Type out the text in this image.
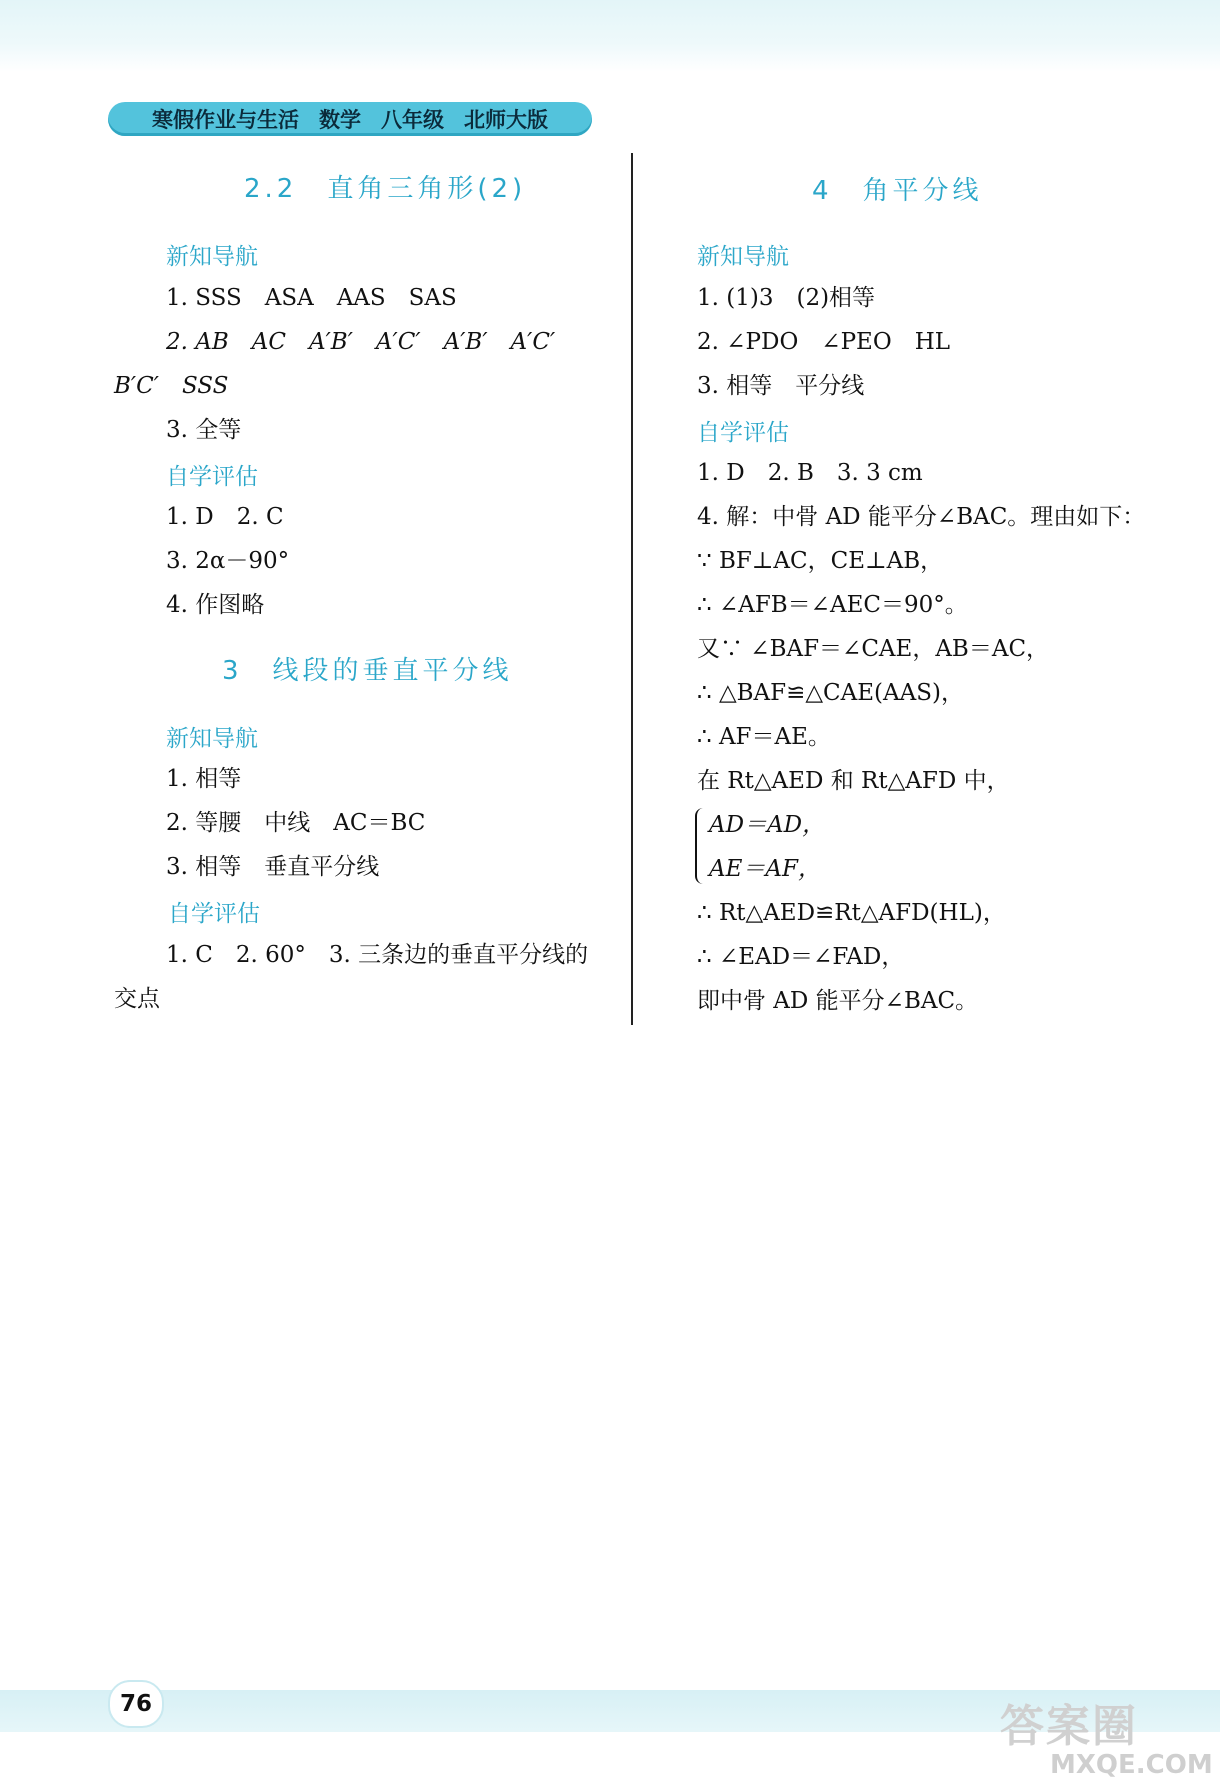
寒假作业与生活 数学 八年级 北师大版
2.2　直角三角形(2)
新知导航
1. SSS　ASA　AAS　SAS
2. AB　AC　A′B′　A′C′　A′B′　A′C′
B′C′　SSS
3. 全等
自学评估
1. D　2. C
3. 2α－90°
4. 作图略
3　线段的垂直平分线
新知导航
1. 相等
2. 等腰　中线　AC＝BC
3. 相等　垂直平分线
自学评估
1. C　2. 60°　3. 三条边的垂直平分线的
交点
4　角平分线
新知导航
1. (1)3　(2)相等
2. ∠PDO　∠PEO　HL
3. 相等　平分线
自学评估
1. D　2. B　3. 3 cm
4. 解：中骨 AD 能平分∠BAC。理由如下：
∵ BF⊥AC，CE⊥AB，
∴ ∠AFB＝∠AEC＝90°。
又∵ ∠BAF＝∠CAE，AB＝AC，
∴ △BAF≌△CAE(AAS)，
∴ AF＝AE。
在 Rt△AED 和 Rt△AFD 中，
AD＝AD，
AE＝AF，
∴ Rt△AED≌Rt△AFD(HL)，
∴ ∠EAD＝∠FAD，
即中骨 AD 能平分∠BAC。
76	答案圈
MXQE.COM
